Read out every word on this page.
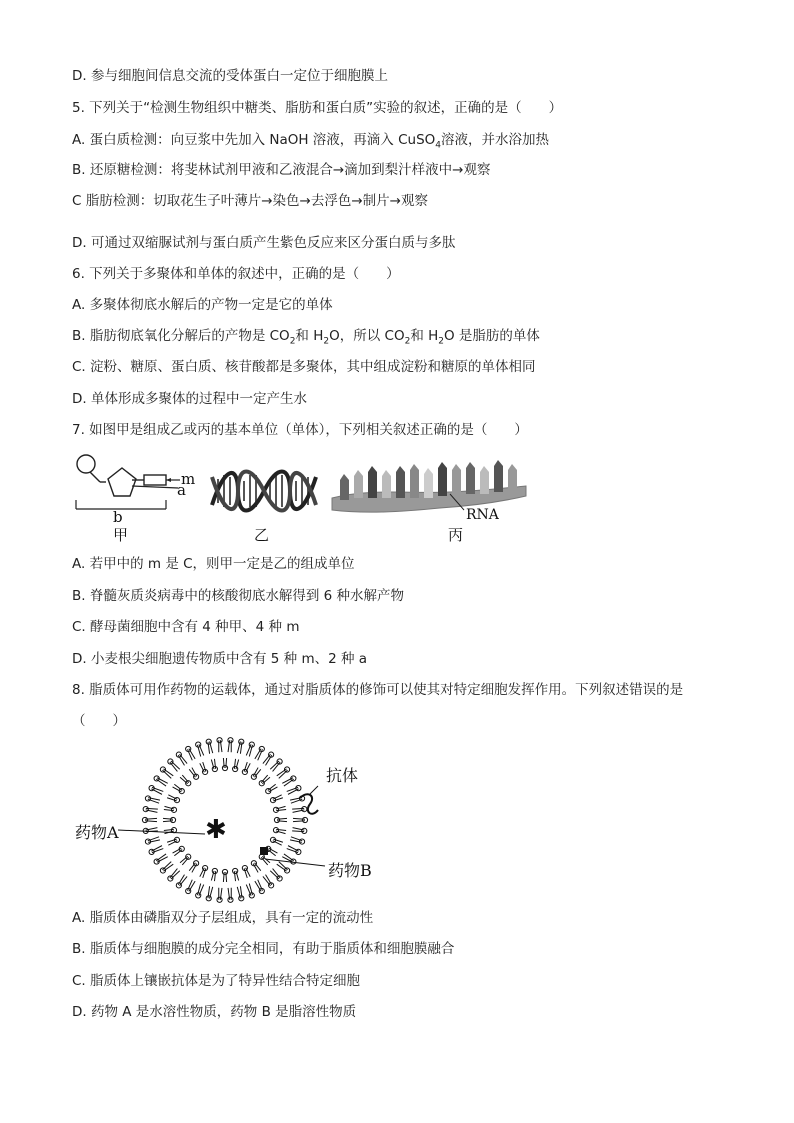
D. 参与细胞间信息交流的受体蛋白一定位于细胞膜上
5. 下列关于“检测生物组织中糖类、脂肪和蛋白质”实验的叙述，正确的是（　　）
A. 蛋白质检测：向豆浆中先加入 NaOH 溶液，再滴入 CuSO$_4$溶液，并水浴加热
B. 还原糖检测：将斐林试剂甲液和乙液混合→滴加到梨汁样液中→观察
C 脂肪检测：切取花生子叶薄片→染色→去浮色→制片→观察
D. 可通过双缩脲试剂与蛋白质产生紫色反应来区分蛋白质与多肽
6. 下列关于多聚体和单体的叙述中，正确的是（　　）
A. 多聚体彻底水解后的产物一定是它的单体
B. 脂肪彻底氧化分解后的产物是 $CO_2$和 $H_2O$，所以 $CO_2$和 $H_2O$ 是脂肪的单体
C. 淀粉、糖原、蛋白质、核苷酸都是多聚体，其中组成淀粉和糖原的单体相同
D. 单体形成多聚体的过程中一定产生水
7. 如图甲是组成乙或丙的基本单位（单体），下列相关叙述正确的是（　　）
m
a
b
甲	乙
RNA
丙
A. 若甲中的 m 是 C，则甲一定是乙的组成单位
B. 脊髓灰质炎病毒中的核酸彻底水解得到 6 种水解产物
C. 酵母菌细胞中含有 4 种甲、4 种 m
D. 小麦根尖细胞遗传物质中含有 5 种 m、2 种 a
8. 脂质体可用作药物的运载体，通过对脂质体的修饰可以使其对特定细胞发挥作用。下列叙述错误的是
（　　）
✱
抗体
药物A
药物B
A. 脂质体由磷脂双分子层组成，具有一定的流动性
B. 脂质体与细胞膜的成分完全相同，有助于脂质体和细胞膜融合
C. 脂质体上镶嵌抗体是为了特异性结合特定细胞
D. 药物 A 是水溶性物质，药物 B 是脂溶性物质
